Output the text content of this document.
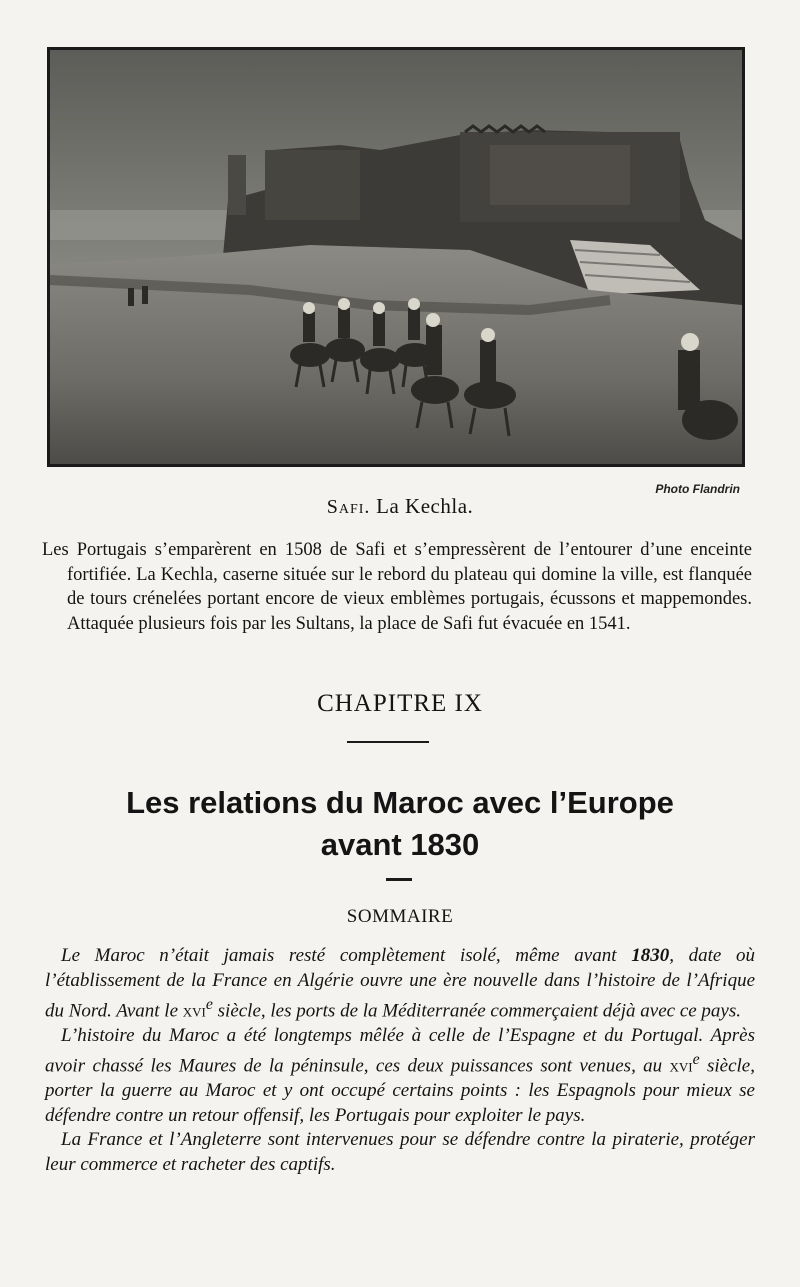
Photo Flandrin
Safi. La Kechla.
Les Portugais s’emparèrent en 1508 de Safi et s’empressèrent de l’entourer d’une enceinte fortifiée. La Kechla, caserne située sur le rebord du plateau qui domine la ville, est flanquée de tours crénelées portant encore de vieux emblèmes portugais, écussons et mappemondes. Attaquée plusieurs fois par les Sultans, la place de Safi fut évacuée en 1541.
CHAPITRE IX
Les relations du Maroc avec l’Europe
avant 1830
SOMMAIRE

Le Maroc n’était jamais resté complètement isolé, même avant 1830, date où l’établissement de la France en Algérie ouvre une ère nouvelle dans l’histoire de l’Afrique du Nord. Avant le xvi$^e$ siècle, les ports de la Méditerranée commerçaient déjà avec ce pays.

L’histoire du Maroc a été longtemps mêlée à celle de l’Espagne et du Portugal. Après avoir chassé les Maures de la péninsule, ces deux puissances sont venues, au xvi$^e$ siècle, porter la guerre au Maroc et y ont occupé certains points : les Espagnols pour mieux se défendre contre un retour offensif, les Portugais pour exploiter le pays.

La France et l’Angleterre sont intervenues pour se défendre contre la piraterie, protéger leur commerce et racheter des captifs.
